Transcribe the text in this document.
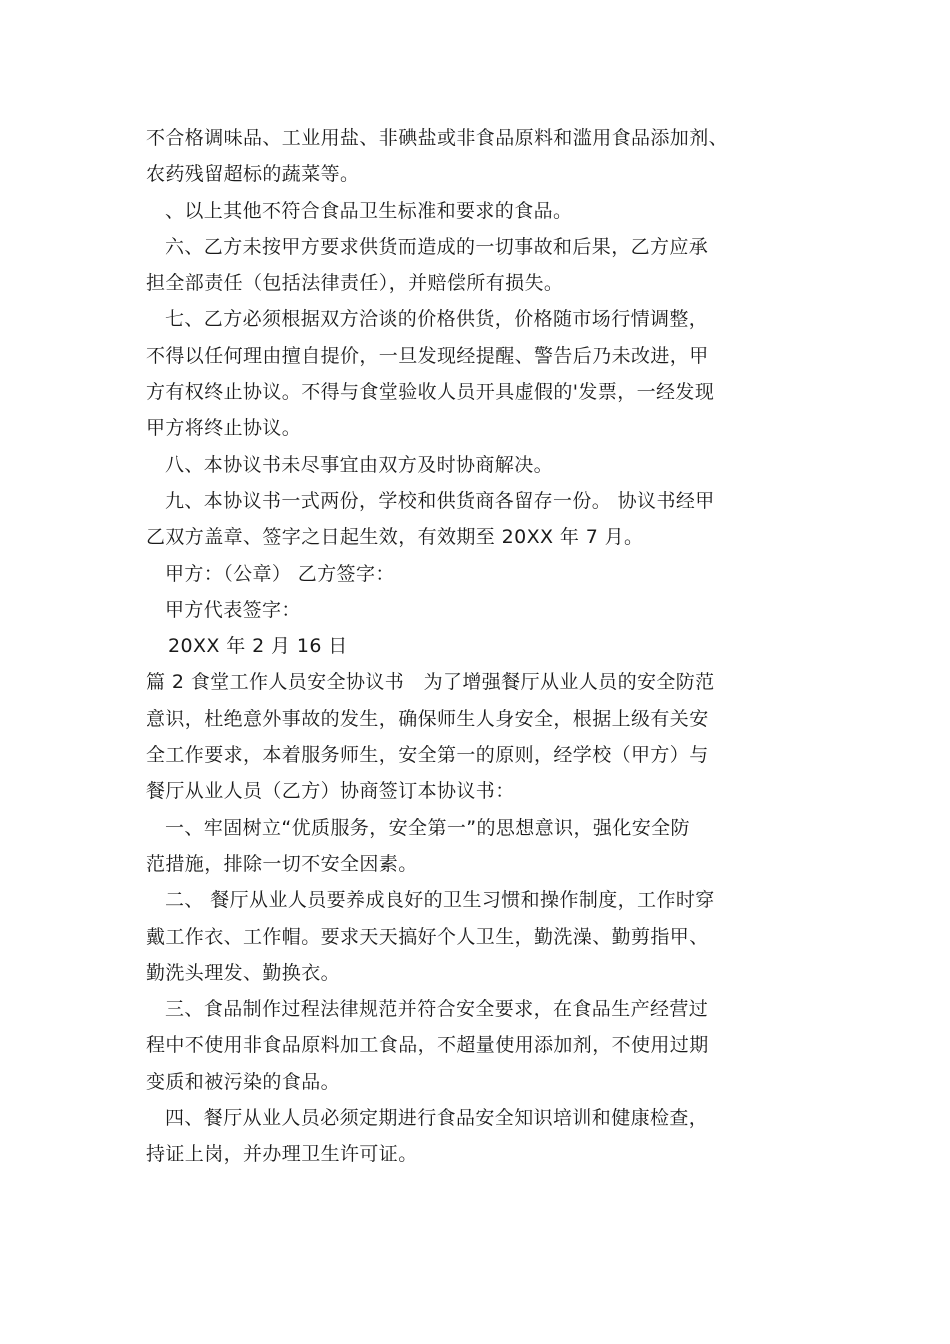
不合格调味品、工业用盐、非碘盐或非食品原料和滥用食品添加剂、
农药残留超标的蔬菜等。
、以上其他不符合食品卫生标准和要求的食品。
六、乙方未按甲方要求供货而造成的一切事故和后果，乙方应承
担全部责任（包括法律责任），并赔偿所有损失。
七、乙方必须根据双方洽谈的价格供货，价格随市场行情调整，
不得以任何理由擅自提价，一旦发现经提醒、警告后乃未改进，甲
方有权终止协议。不得与食堂验收人员开具虚假的'发票，一经发现
甲方将终止协议。
八、本协议书未尽事宜由双方及时协商解决。
九、本协议书一式两份，学校和供货商各留存一份。 协议书经甲
乙双方盖章、签字之日起生效，有效期至 20XX 年 7 月。
甲方：（公章） 乙方签字：
甲方代表签字：
20XX 年 2 月 16 日
篇 2 食堂工作人员安全协议书　为了增强餐厅从业人员的安全防范
意识，杜绝意外事故的发生，确保师生人身安全，根据上级有关安
全工作要求，本着服务师生，安全第一的原则，经学校（甲方）与
餐厅从业人员（乙方）协商签订本协议书：
一、牢固树立“优质服务，安全第一”的思想意识，强化安全防
范措施，排除一切不安全因素。
二、 餐厅从业人员要养成良好的卫生习惯和操作制度，工作时穿
戴工作衣、工作帽。要求天天搞好个人卫生，勤洗澡、勤剪指甲、
勤洗头理发、勤换衣。
三、食品制作过程法律规范并符合安全要求，在食品生产经营过
程中不使用非食品原料加工食品，不超量使用添加剂，不使用过期
变质和被污染的食品。
四、餐厅从业人员必须定期进行食品安全知识培训和健康检查，
持证上岗，并办理卫生许可证。
